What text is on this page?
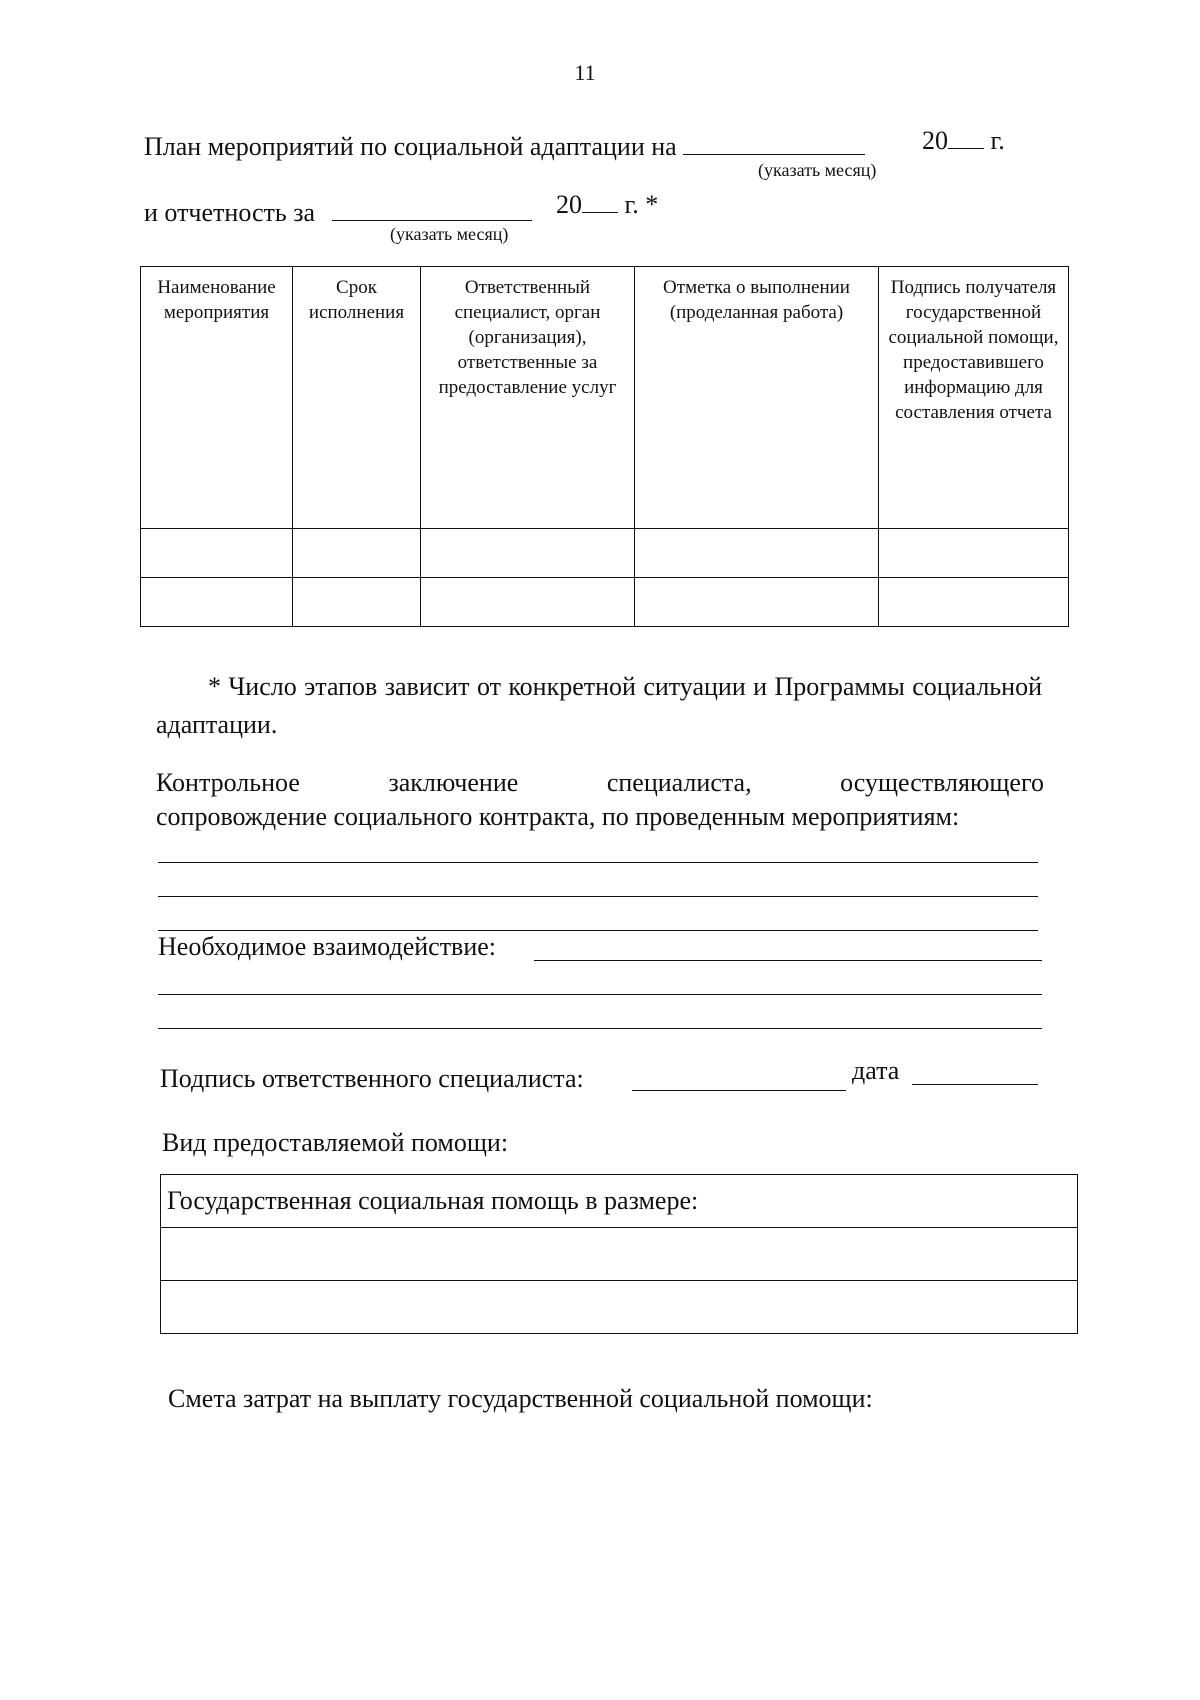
11
План мероприятий по социальной адаптации на	20 г.
(указать месяц)
и отчетность за	20 г. *
(указать месяц)
Наименование мероприятия	Срок исполнения	Ответственный специалист, орган (организация), ответственные за предоставление услуг	Отметка о выполнении (проделанная работа)	Подпись получателя государственной социальной помощи, предоставившего информацию для составления отчета

* Число этапов зависит от конкретной ситуации и Программы социальной адаптации.
Контрольное	заключение	специалиста,	осуществляющего
сопровождение социального контракта, по проведенным мероприятиям:
Необходимое взаимодействие:
Подпись ответственного специалиста:	дата
Вид предоставляемой помощи:
Государственная социальная помощь в размере:

Смета затрат на выплату государственной социальной помощи:
